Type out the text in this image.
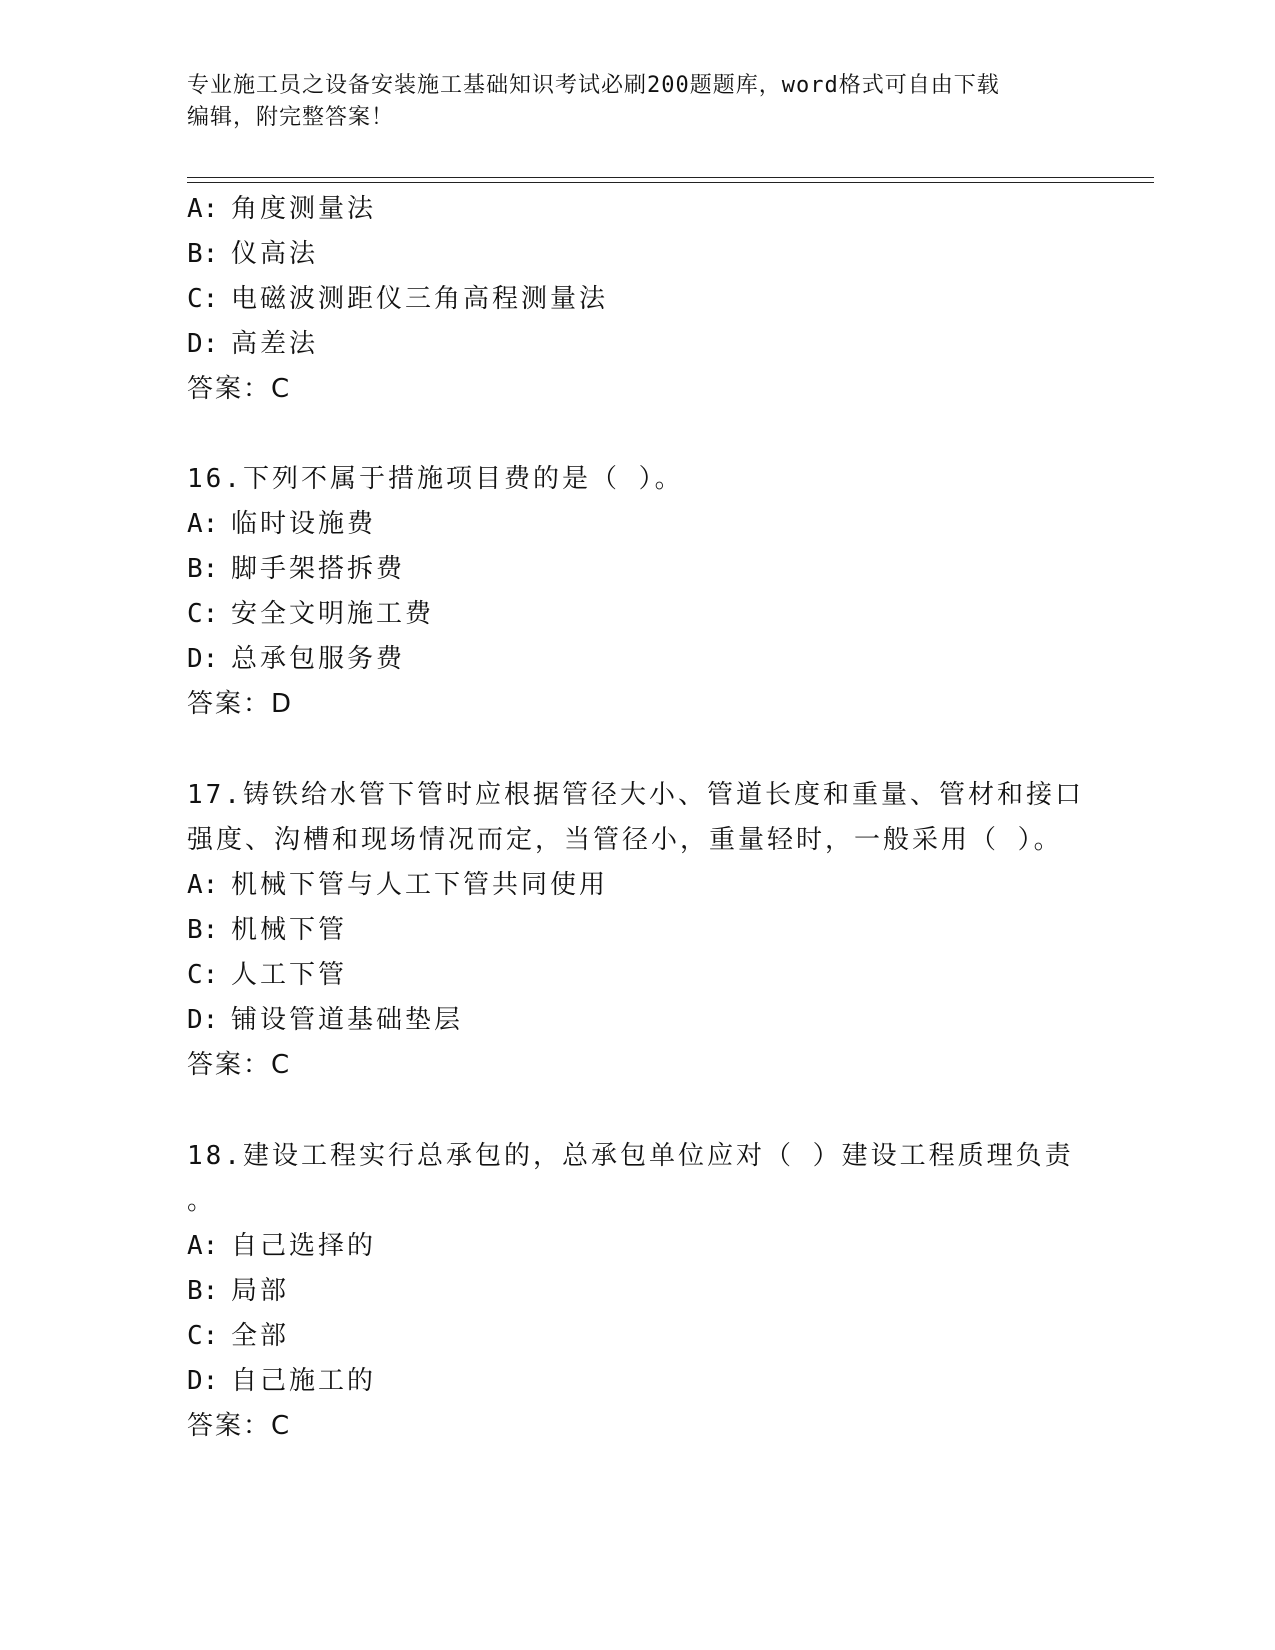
专业施工员之设备安装施工基础知识考试必刷200题题库，word格式可自由下载
编辑，附完整答案！
A: 角度测量法
B: 仪高法
C: 电磁波测距仪三角高程测量法
D: 高差法
答案：C
16.下列不属于措施项目费的是（ ）。
A: 临时设施费
B: 脚手架搭拆费
C: 安全文明施工费
D: 总承包服务费
答案：D
17.铸铁给水管下管时应根据管径大小、管道长度和重量、管材和接口
强度、沟槽和现场情况而定，当管径小，重量轻时，一般采用（ ）。
A: 机械下管与人工下管共同使用
B: 机械下管
C: 人工下管
D: 铺设管道基础垫层
答案：C
18.建设工程实行总承包的，总承包单位应对（ ）建设工程质理负责
。
A: 自己选择的
B: 局部
C: 全部
D: 自己施工的
答案：C
